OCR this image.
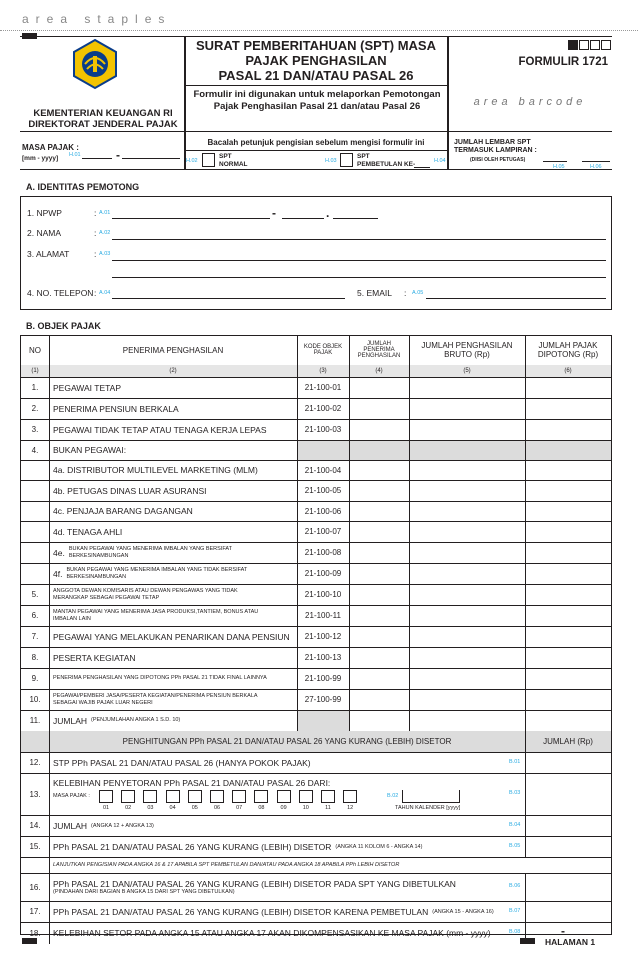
area staples
KEMENTERIAN KEUANGAN RI
DIREKTORAT JENDERAL PAJAK
SURAT PEMBERITAHUAN (SPT) MASA
PAJAK PENGHASILAN
PASAL 21 DAN/ATAU PASAL 26
Formulir ini digunakan untuk melaporkan Pemotongan Pajak Penghasilan Pasal 21 dan/atau Pasal 26
FORMULIR 1721
area barcode
MASA PAJAK :
[mm - yyyy] H.01	-
Bacalah petunjuk pengisian sebelum mengisi formulir ini
H.02
SPT
NORMAL	H.03
SPT
PEMBETULAN KE-	H.04
JUMLAH LEMBAR SPT TERMASUK LAMPIRAN :
(DIISI OLEH PETUGAS)
H.05	H.06
A. IDENTITAS PEMOTONG
1. NPWP	: A.01	-	.
2. NAMA	: A.02
3. ALAMAT	: A.03
4. NO. TELEPON : A.04	5. EMAIL : A.05
B. OBJEK PAJAK
NO	PENERIMA PENGHASILAN	KODE OBJEK PAJAK
JUMLAH PENERIMA PENGHASILAN
JUMLAH PENGHASILAN BRUTO (Rp)
JUMLAH PAJAK DIPOTONG (Rp)
(1)	(2)	(3)	(4)	(5)	(6)
1.	PEGAWAI TETAP	21-100-01
2.	PENERIMA PENSIUN BERKALA	21-100-02
3.	PEGAWAI TIDAK TETAP ATAU TENAGA KERJA LEPAS	21-100-03
4.	BUKAN PEGAWAI:
4a. DISTRIBUTOR MULTILEVEL MARKETING (MLM)	21-100-04
4b. PETUGAS DINAS LUAR ASURANSI	21-100-05
4c. PENJAJA BARANG DAGANGAN	21-100-06
4d. TENAGA AHLI	21-100-07
4e. BUKAN PEGAWAI YANG MENERIMA IMBALAN YANG BERSIFAT BERKESINAMBUNGAN	21-100-08
4f. BUKAN PEGAWAI YANG MENERIMA IMBALAN YANG TIDAK BERSIFAT BERKESINAMBUNGAN	21-100-09
5.	ANGGOTA DEWAN KOMISARIS ATAU DEWAN PENGAWAS YANG TIDAK MERANGKAP SEBAGAI PEGAWAI TETAP	21-100-10
6.	MANTAN PEGAWAI YANG MENERIMA JASA PRODUKSI,TANTIEM, BONUS ATAU IMBALAN LAIN	21-100-11
7.	PEGAWAI YANG MELAKUKAN PENARIKAN DANA PENSIUN	21-100-12
8.	PESERTA KEGIATAN	21-100-13
9.	PENERIMA PENGHASILAN YANG DIPOTONG PPh PASAL 21 TIDAK FINAL LAINNYA	21-100-99
10.	PEGAWAI/PEMBERI JASA/PESERTA KEGIATAN/PENERIMA PENSIUN BERKALA SEBAGAI WAJIB PAJAK LUAR NEGERI	27-100-99
11.	JUMLAH (PENJUMLAHAN ANGKA 1 S.D. 10)
PENGHITUNGAN PPh PASAL 21 DAN/ATAU PASAL 26 YANG KURANG (LEBIH) DISETOR	JUMLAH (Rp)
12.	STP PPh PASAL 21 DAN/ATAU PASAL 26 (HANYA POKOK PAJAK)	B.01
13.
KELEBIHAN PENYETORAN PPh PASAL 21 DAN/ATAU PASAL 26 DARI:
B.03
MASA PAJAK :
01	02	03	04	05	06	07	08	09	10	11	12
B.02
TAHUN KALENDER [yyyy]
14.	JUMLAH (ANGKA 12 + ANGKA 13)	B.04
15.	PPh PASAL 21 DAN/ATAU PASAL 26 YANG KURANG (LEBIH) DISETOR (ANGKA 11 KOLOM 6 - ANGKA 14)	B.05
LANJUTKAN PENGISIAN PADA ANGKA 16 & 17 APABILA SPT PEMBETULAN DAN/ATAU PADA ANGKA 18 APABILA PPh LEBIH DISETOR
16.	PPh PASAL 21 DAN/ATAU PASAL 26 YANG KURANG (LEBIH) DISETOR PADA SPT YANG DIBETULKAN
(PINDAHAN DARI BAGIAN B ANGKA 15 DARI SPT YANG DIBETULKAN)
B.06
17.	PPh PASAL 21 DAN/ATAU PASAL 26 YANG KURANG (LEBIH) DISETOR KARENA PEMBETULAN (ANGKA 15 - ANGKA 16)	B.07
18.	KELEBIHAN SETOR PADA ANGKA 15 ATAU ANGKA 17 AKAN DIKOMPENSASIKAN KE MASA PAJAK (mm - yyyy)	B.08	-
HALAMAN 1
